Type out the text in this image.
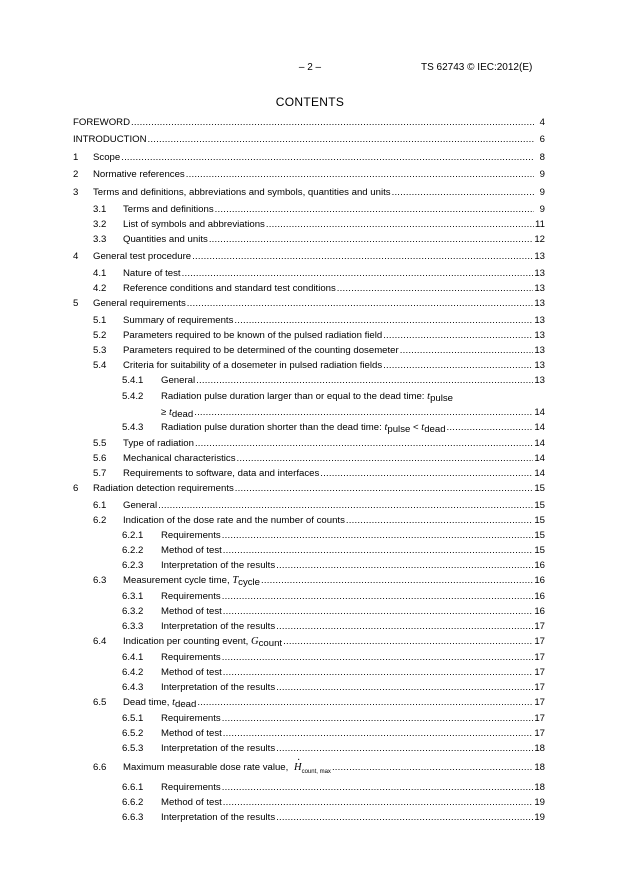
– 2 –	TS 62743 © IEC:2012(E)
CONTENTS
FOREWORD .....	4
INTRODUCTION .....	6
1	Scope .....	8
2	Normative references .....	9
3	Terms and definitions, abbreviations and symbols, quantities and units .....	9
3.1	Terms and definitions .....	9
3.2	List of symbols and abbreviations .....	11
3.3	Quantities and units .....	12
4	General test procedure .....	13
4.1	Nature of test .....	13
4.2	Reference conditions and standard test conditions .....	13
5	General requirements .....	13
5.1	Summary of requirements .....	13
5.2	Parameters required to be known of the pulsed radiation field .....	13
5.3	Parameters required to be determined of the counting dosemeter .....	13
5.4	Criteria for suitability of a dosemeter in pulsed radiation fields .....	13
5.4.1	General .....	13
5.4.2	Radiation pulse duration larger than or equal to the dead time: tpulse
≥ tdead .....	14
5.4.3	Radiation pulse duration shorter than the dead time: tpulse < tdead .....	14
5.5	Type of radiation .....	14
5.6	Mechanical characteristics .....	14
5.7	Requirements to software, data and interfaces .....	14
6	Radiation detection requirements .....	15
6.1	General .....	15
6.2	Indication of the dose rate and the number of counts .....	15
6.2.1	Requirements .....	15
6.2.2	Method of test .....	15
6.2.3	Interpretation of the results .....	16
6.3	Measurement cycle time, Tcycle .....	16
6.3.1	Requirements .....	16
6.3.2	Method of test .....	16
6.3.3	Interpretation of the results .....	17
6.4	Indication per counting event, Gcount .....	17
6.4.1	Requirements .....	17
6.4.2	Method of test .....	17
6.4.3	Interpretation of the results .....	17
6.5	Dead time, tdead .....	17
6.5.1	Requirements .....	17
6.5.2	Method of test .....	17
6.5.3	Interpretation of the results .....	18
6.6	Maximum measurable dose rate value, · $H_{count, max}$ .....	18
6.6.1	Requirements .....	18
6.6.2	Method of test .....	19
6.6.3	Interpretation of the results .....	19
